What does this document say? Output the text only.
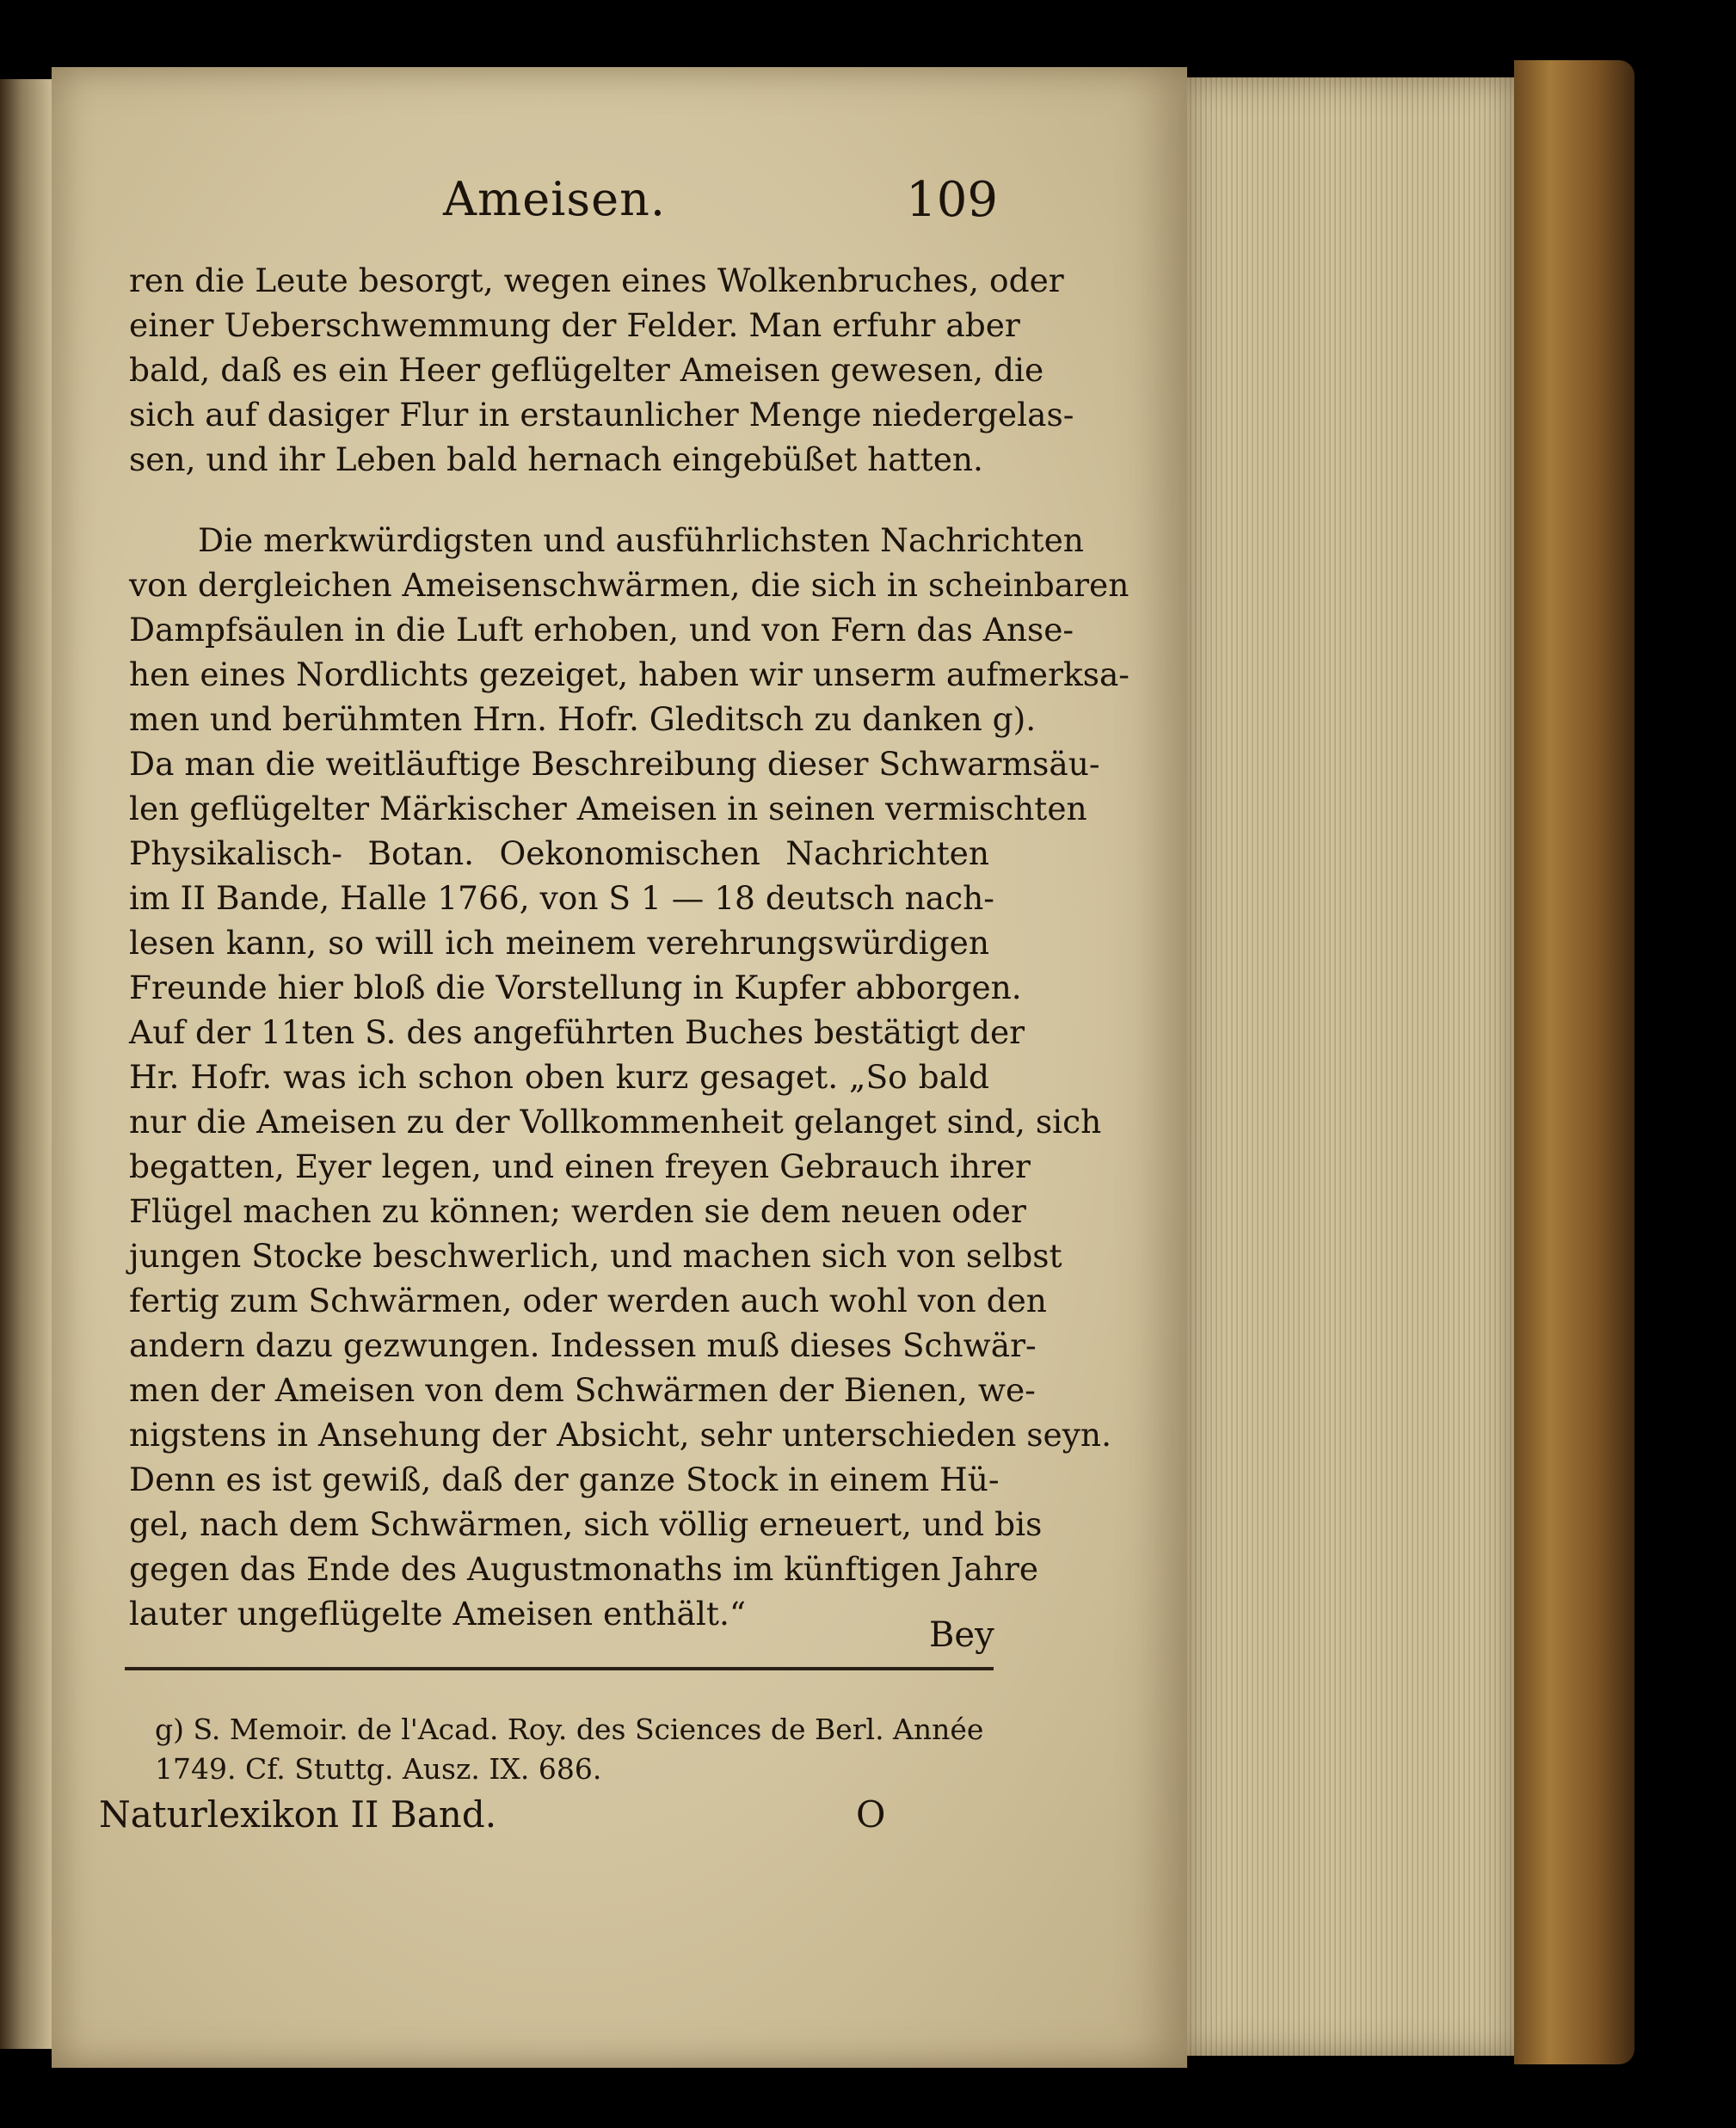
Ameisen.	109
ren die Leute besorgt, wegen eines Wolkenbruches, oder
einer Ueberschwemmung der Felder. Man erfuhr aber
bald, daß es ein Heer geflügelter Ameisen gewesen, die
sich auf dasiger Flur in erstaunlicher Menge niedergelas-
sen, und ihr Leben bald hernach eingebüßet hatten.
Die merkwürdigsten und ausführlichsten Nachrichten
von dergleichen Ameisenschwärmen, die sich in scheinbaren
Dampfsäulen in die Luft erhoben, und von Fern das Anse-
hen eines Nordlichts gezeiget, haben wir unserm aufmerksa-
men und berühmten Hrn. Hofr. Gleditsch zu danken g).
Da man die weitläuftige Beschreibung dieser Schwarmsäu-
len geflügelter Märkischer Ameisen in seinen vermischten
Physikalisch- Botan. Oekonomischen Nachrichten
im II Bande, Halle 1766, von S 1 — 18 deutsch nach-
lesen kann, so will ich meinem verehrungswürdigen
Freunde hier bloß die Vorstellung in Kupfer abborgen.
Auf der 11ten S. des angeführten Buches bestätigt der
Hr. Hofr. was ich schon oben kurz gesaget. „So bald
nur die Ameisen zu der Vollkommenheit gelanget sind, sich
begatten, Eyer legen, und einen freyen Gebrauch ihrer
Flügel machen zu können; werden sie dem neuen oder
jungen Stocke beschwerlich, und machen sich von selbst
fertig zum Schwärmen, oder werden auch wohl von den
andern dazu gezwungen. Indessen muß dieses Schwär-
men der Ameisen von dem Schwärmen der Bienen, we-
nigstens in Ansehung der Absicht, sehr unterschieden seyn.
Denn es ist gewiß, daß der ganze Stock in einem Hü-
gel, nach dem Schwärmen, sich völlig erneuert, und bis
gegen das Ende des Augustmonaths im künftigen Jahre
lauter ungeflügelte Ameisen enthält.“
Bey
g) S. Memoir. de l'Acad. Roy. des Sciences de Berl. Année
1749. Cf. Stuttg. Ausz. IX. 686.
Naturlexikon II Band.	O
